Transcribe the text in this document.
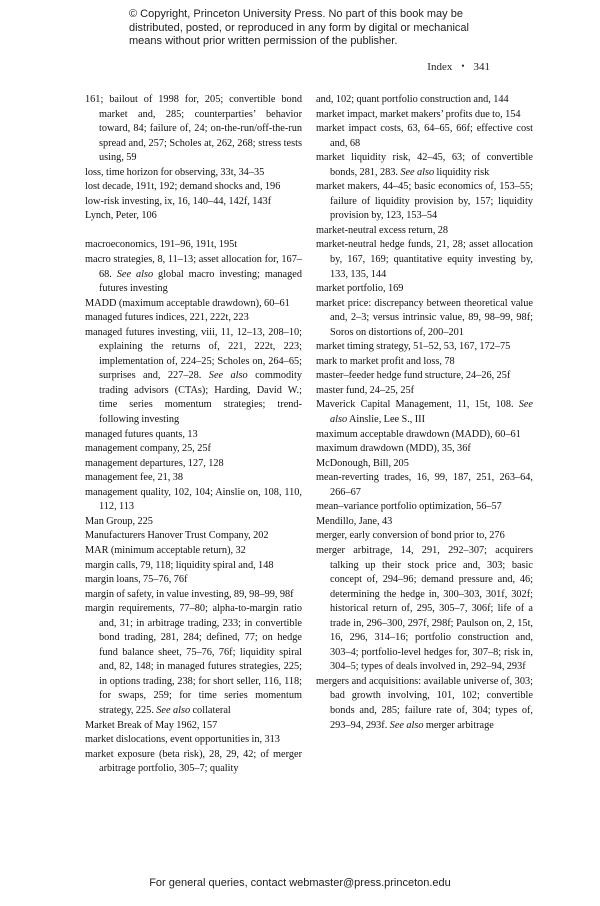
© Copyright, Princeton University Press. No part of this book may be distributed, posted, or reproduced in any form by digital or mechanical means without prior written permission of the publisher.
Index • 341

161; bailout of 1998 for, 205; convertible bond market and, 285; counterparties’ behavior toward, 84; failure of, 24; on-the-run/off-the-run spread and, 257; Scholes at, 262, 268; stress tests using, 59

loss, time horizon for observing, 33t, 34–35

lost decade, 191t, 192; demand shocks and, 196

low-risk investing, ix, 16, 140–44, 142f, 143f

Lynch, Peter, 106

macroeconomics, 191–96, 191t, 195t

macro strategies, 8, 11–13; asset allocation for, 167–68. See also global macro investing; managed futures investing

MADD (maximum acceptable drawdown), 60–61

managed futures indices, 221, 222t, 223

managed futures investing, viii, 11, 12–13, 208–10; explaining the returns of, 221, 222t, 223; implementation of, 224–25; Scholes on, 264–65; surprises and, 227–28. See also commodity trading advisors (CTAs); Harding, David W.; time series momentum strategies; trend-following investing

managed futures quants, 13

management company, 25, 25f

management departures, 127, 128

management fee, 21, 38

management quality, 102, 104; Ainslie on, 108, 110, 112, 113

Man Group, 225

Manufacturers Hanover Trust Company, 202

MAR (minimum acceptable return), 32

margin calls, 79, 118; liquidity spiral and, 148

margin loans, 75–76, 76f

margin of safety, in value investing, 89, 98–99, 98f

margin requirements, 77–80; alpha-to-margin ratio and, 31; in arbitrage trading, 233; in convertible bond trading, 281, 284; defined, 77; on hedge fund balance sheet, 75–76, 76f; liquidity spiral and, 82, 148; in managed futures strategies, 225; in options trading, 238; for short seller, 116, 118; for swaps, 259; for time series momentum strategy, 225. See also collateral

Market Break of May 1962, 157

market dislocations, event opportunities in, 313

market exposure (beta risk), 28, 29, 42; of merger arbitrage portfolio, 305–7; quality

and, 102; quant portfolio construction and, 144

market impact, market makers’ profits due to, 154

market impact costs, 63, 64–65, 66f; effective cost and, 68

market liquidity risk, 42–45, 63; of convertible bonds, 281, 283. See also liquidity risk

market makers, 44–45; basic economics of, 153–55; failure of liquidity provision by, 157; liquidity provision by, 123, 153–54

market-neutral excess return, 28

market-neutral hedge funds, 21, 28; asset allocation by, 167, 169; quantitative equity investing by, 133, 135, 144

market portfolio, 169

market price: discrepancy between theoretical value and, 2–3; versus intrinsic value, 89, 98–99, 98f; Soros on distortions of, 200–201

market timing strategy, 51–52, 53, 167, 172–75

mark to market profit and loss, 78

master–feeder hedge fund structure, 24–26, 25f

master fund, 24–25, 25f

Maverick Capital Management, 11, 15t, 108. See also Ainslie, Lee S., III

maximum acceptable drawdown (MADD), 60–61

maximum drawdown (MDD), 35, 36f

McDonough, Bill, 205

mean-reverting trades, 16, 99, 187, 251, 263–64, 266–67

mean–variance portfolio optimization, 56–57

Mendillo, Jane, 43

merger, early conversion of bond prior to, 276

merger arbitrage, 14, 291, 292–307; acquirers talking up their stock price and, 303; basic concept of, 294–96; demand pressure and, 46; determining the hedge in, 300–303, 301f, 302f; historical return of, 295, 305–7, 306f; life of a trade in, 296–300, 297f, 298f; Paulson on, 2, 15t, 16, 296, 314–16; portfolio construction and, 303–4; portfolio-level hedges for, 307–8; risk in, 304–5; types of deals involved in, 292–94, 293f

mergers and acquisitions: available universe of, 303; bad growth involving, 101, 102; convertible bonds and, 285; failure rate of, 304; types of, 293–94, 293f. See also merger arbitrage

For general queries, contact webmaster@press.princeton.edu
